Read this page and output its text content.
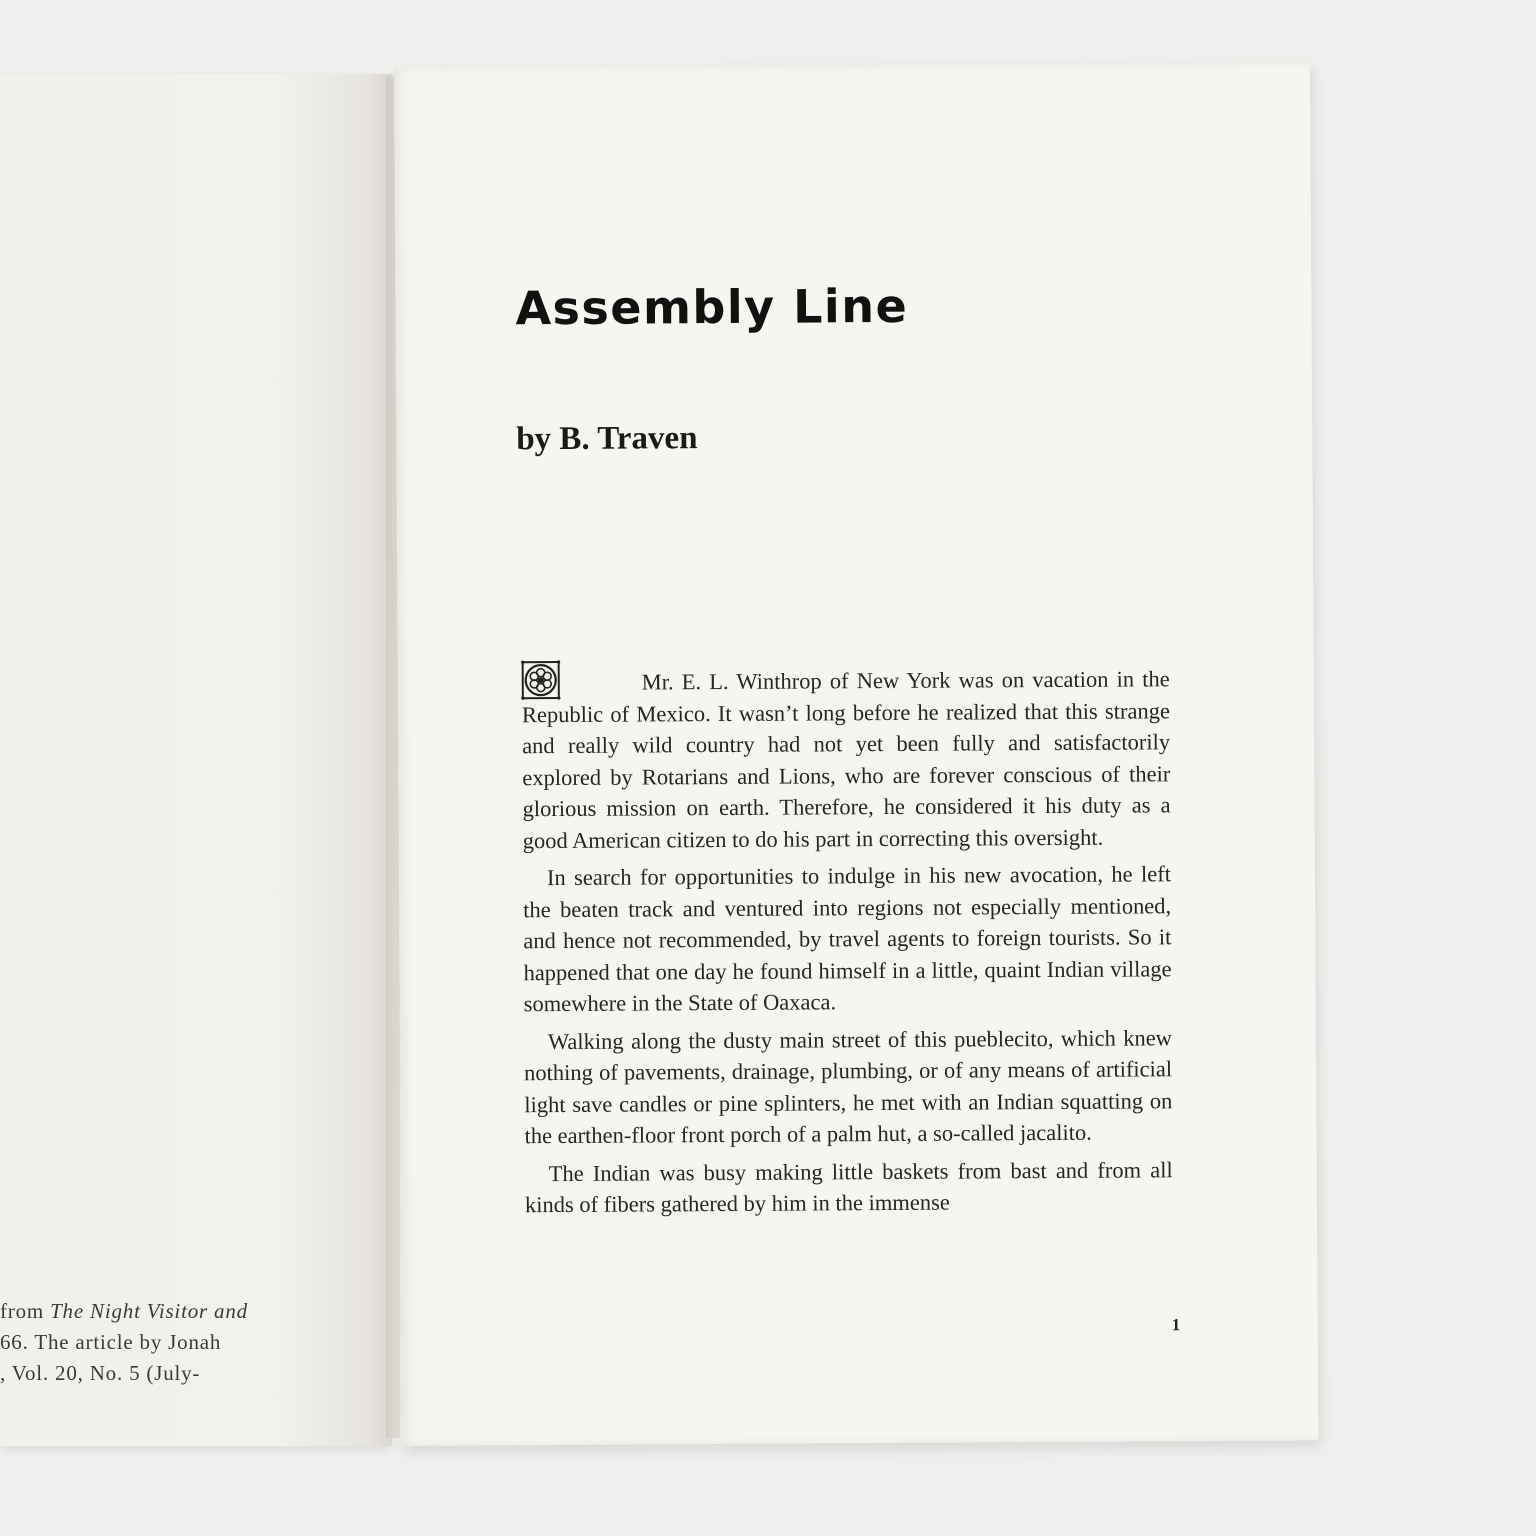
from The Night Visitor and
66. The article by Jonah
, Vol. 20, No. 5 (July-
Assembly Line
by B. Traven

Mr. E. L. Winthrop of New York was on vacation in the Republic of Mexico. It wasn’t long before he realized that this strange and really wild country had not yet been fully and satisfactorily explored by Rotarians and Lions, who are forever conscious of their glorious mission on earth. Therefore, he considered it his duty as a good American citizen to do his part in correcting this oversight.

In search for opportunities to indulge in his new avocation, he left the beaten track and ventured into regions not especially mentioned, and hence not recommended, by travel agents to foreign tourists. So it happened that one day he found himself in a little, quaint Indian village somewhere in the State of Oaxaca.

Walking along the dusty main street of this pueblecito, which knew nothing of pavements, drainage, plumbing, or of any means of artificial light save candles or pine splinters, he met with an Indian squatting on the earthen-floor front porch of a palm hut, a so-called jacalito.

The Indian was busy making little baskets from bast and from all kinds of fibers gathered by him in the immense

1
